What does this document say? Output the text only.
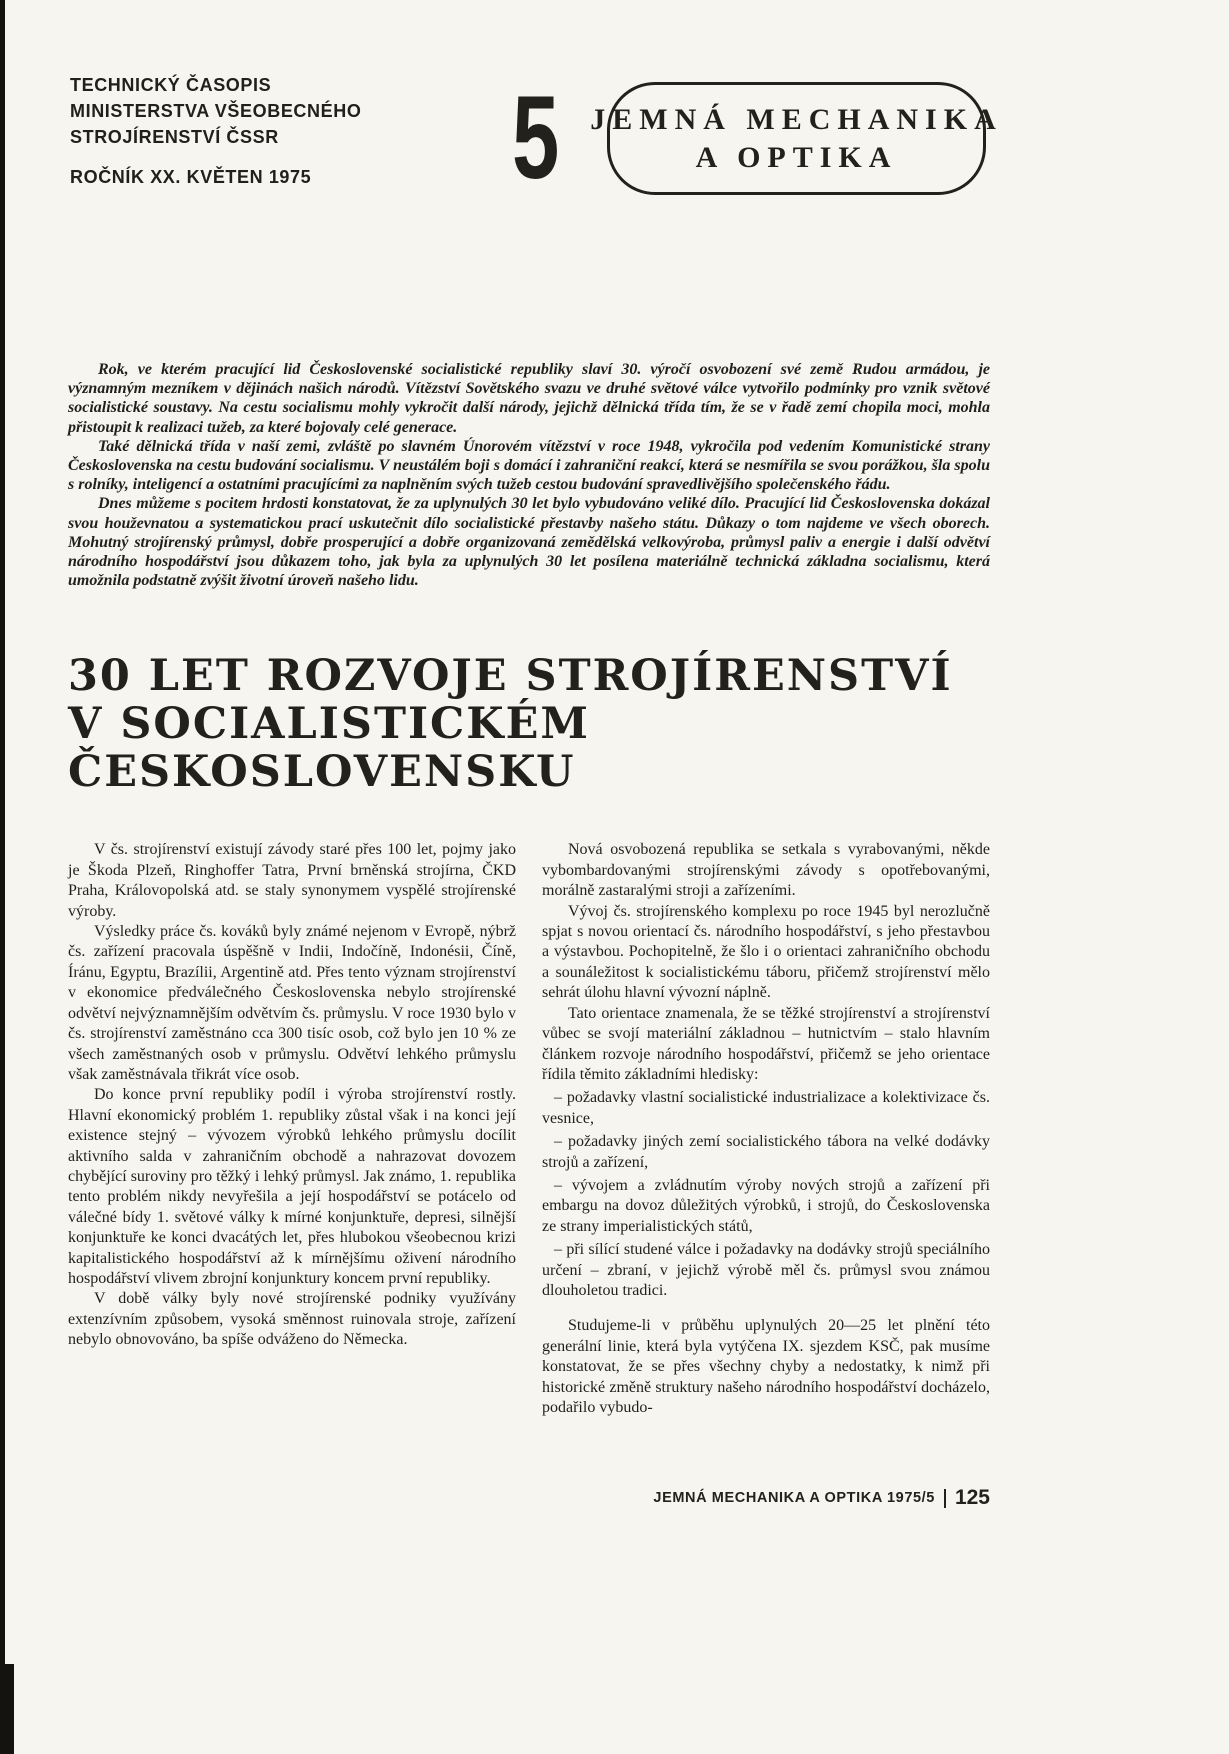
TECHNICKÝ ČASOPIS
MINISTERSTVA VŠEOBECNÉHO
STROJÍRENSTVÍ ČSSR
ROČNÍK XX. KVĚTEN 1975	5 JEMNÁ MECHANIKA
A OPTIKA

Rok, ve kterém pracující lid Československé socialistické republiky slaví 30. výročí osvobození své země Rudou armádou, je významným mezníkem v dějinách našich národů. Vítězství Sovětského svazu ve druhé světové válce vytvořilo podmínky pro vznik světové socialistické soustavy. Na cestu socialismu mohly vykročit další národy, jejichž dělnická třída tím, že se v řadě zemí chopila moci, mohla přistoupit k realizaci tužeb, za které bojovaly celé generace.

Také dělnická třída v naší zemi, zvláště po slavném Únorovém vítězství v roce 1948, vykročila pod vedením Komunistické strany Československa na cestu budování socialismu. V neustálém boji s domácí i zahraniční reakcí, která se nesmířila se svou porážkou, šla spolu s rolníky, inteligencí a ostatními pracujícími za naplněním svých tužeb cestou budování spravedlivějšího společenského řádu.

Dnes můžeme s pocitem hrdosti konstatovat, že za uplynulých 30 let bylo vybudováno veliké dílo. Pracující lid Československa dokázal svou houževnatou a systematickou prací uskutečnit dílo socialistické přestavby našeho státu. Důkazy o tom najdeme ve všech oborech. Mohutný strojírenský průmysl, dobře prosperující a dobře organizovaná zemědělská velkovýroba, průmysl paliv a energie i další odvětví národního hospodářství jsou důkazem toho, jak byla za uplynulých 30 let posílena materiálně technická základna socialismu, která umožnila podstatně zvýšit životní úroveň našeho lidu.

30 LET ROZVOJE STROJÍRENSTVÍ
V SOCIALISTICKÉM ČESKOSLOVENSKU

V čs. strojírenství existují závody staré přes 100 let, pojmy jako je Škoda Plzeň, Ringhoffer Tatra, První brněnská strojírna, ČKD Praha, Královopolská atd. se staly synonymem vyspělé strojírenské výroby.

Výsledky práce čs. kováků byly známé nejenom v Evropě, nýbrž čs. zařízení pracovala úspěšně v Indii, Indočíně, Indonésii, Číně, Íránu, Egyptu, Brazílii, Argentině atd. Přes tento význam strojírenství v ekonomice předválečného Československa nebylo strojírenské odvětví nejvýznamnějším odvětvím čs. průmyslu. V roce 1930 bylo v čs. strojírenství zaměstnáno cca 300 tisíc osob, což bylo jen 10 % ze všech zaměstnaných osob v průmyslu. Odvětví lehkého průmyslu však zaměstnávala třikrát více osob.

Do konce první republiky podíl i výroba strojírenství rostly. Hlavní ekonomický problém 1. republiky zůstal však i na konci její existence stejný – vývozem výrobků lehkého průmyslu docílit aktivního salda v zahraničním obchodě a nahrazovat dovozem chybějící suroviny pro těžký i lehký průmysl. Jak známo, 1. republika tento problém nikdy nevyřešila a její hospodářství se potácelo od válečné bídy 1. světové války k mírné konjunktuře, depresi, silnější konjunktuře ke konci dvacátých let, přes hlubokou všeobecnou krizi kapitalistického hospodářství až k mírnějšímu oživení národního hospodářství vlivem zbrojní konjunktury koncem první republiky.

V době války byly nové strojírenské podniky využívány extenzívním způsobem, vysoká směnnost ruinovala stroje, zařízení nebylo obnovováno, ba spíše odváženo do Německa.

Nová osvobozená republika se setkala s vyrabovanými, někde vybombardovanými strojírenskými závody s opotřebovanými, morálně zastaralými stroji a zařízeními.

Vývoj čs. strojírenského komplexu po roce 1945 byl nerozlučně spjat s novou orientací čs. národního hospodářství, s jeho přestavbou a výstavbou. Pochopitelně, že šlo i o orientaci zahraničního obchodu a sounáležitost k socialistickému táboru, přičemž strojírenství mělo sehrát úlohu hlavní vývozní náplně.

Tato orientace znamenala, že se těžké strojírenství a strojírenství vůbec se svojí materiální základnou – hutnictvím – stalo hlavním článkem rozvoje národního hospodářství, přičemž se jeho orientace řídila těmito základními hledisky:

– požadavky vlastní socialistické industrializace a kolektivizace čs. vesnice,

– požadavky jiných zemí socialistického tábora na velké dodávky strojů a zařízení,

– vývojem a zvládnutím výroby nových strojů a zařízení při embargu na dovoz důležitých výrobků, i strojů, do Československa ze strany imperialistických států,

– při sílící studené válce i požadavky na dodávky strojů speciálního určení – zbraní, v jejichž výrobě měl čs. průmysl svou známou dlouholetou tradici.

Studujeme-li v průběhu uplynulých 20—25 let plnění této generální linie, která byla vytýčena IX. sjezdem KSČ, pak musíme konstatovat, že se přes všechny chyby a nedostatky, k nimž při historické změně struktury našeho národního hospodářství docházelo, podařilo vybudo-

JEMNÁ MECHANIKA A OPTIKA 1975/5 125
